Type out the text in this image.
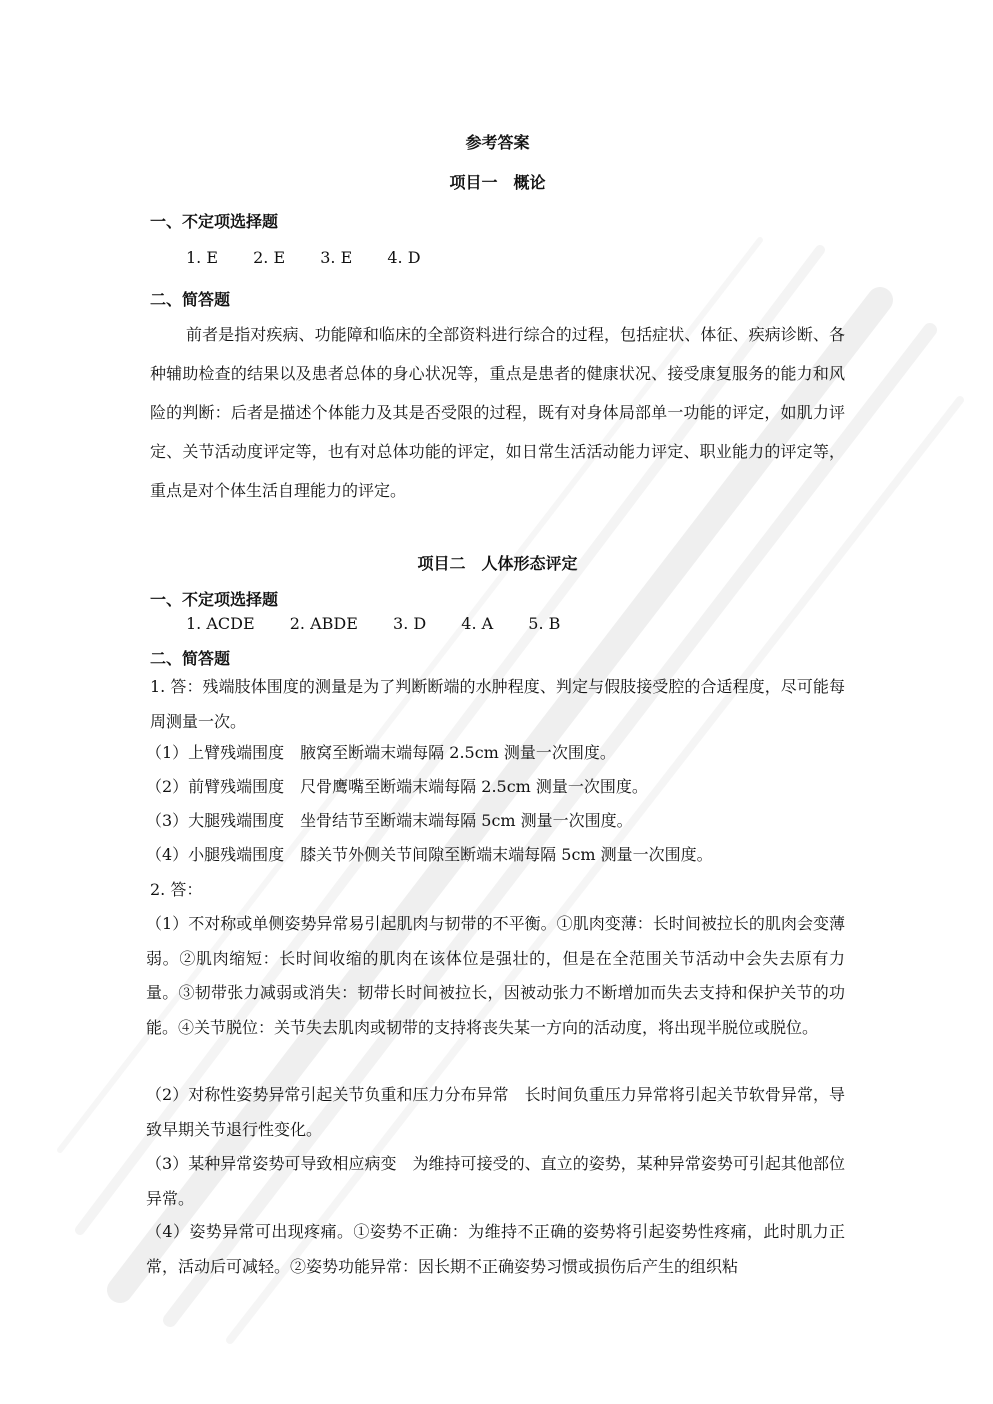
参考答案
项目一　概论
一、不定项选择题
1. E 2. E 3. E 4. D
二、简答题
前者是指对疾病、功能障和临床的全部资料进行综合的过程，包括症状、体征、疾病诊断、各种辅助检查的结果以及患者总体的身心状况等，重点是患者的健康状况、接受康复服务的能力和风险的判断：后者是描述个体能力及其是否受限的过程，既有对身体局部单一功能的评定，如肌力评定、关节活动度评定等，也有对总体功能的评定，如日常生活活动能力评定、职业能力的评定等，重点是对个体生活自理能力的评定。
项目二　人体形态评定
一、不定项选择题
1. ACDE 2. ABDE 3. D 4. A 5. B
二、简答题
1. 答：残端肢体围度的测量是为了判断断端的水肿程度、判定与假肢接受腔的合适程度，尽可能每周测量一次。
（1）上臂残端围度　腋窝至断端末端每隔 2.5cm 测量一次围度。
（2）前臂残端围度　尺骨鹰嘴至断端末端每隔 2.5cm 测量一次围度。
（3）大腿残端围度　坐骨结节至断端末端每隔 5cm 测量一次围度。
（4）小腿残端围度　膝关节外侧关节间隙至断端末端每隔 5cm 测量一次围度。
2. 答：
（1）不对称或单侧姿势异常易引起肌肉与韧带的不平衡。①肌肉变薄：长时间被拉长的肌肉会变薄弱。②肌肉缩短：长时间收缩的肌肉在该体位是强壮的，但是在全范围关节活动中会失去原有力量。③韧带张力减弱或消失：韧带长时间被拉长，因被动张力不断增加而失去支持和保护关节的功能。④关节脱位：关节失去肌肉或韧带的支持将丧失某一方向的活动度，将出现半脱位或脱位。
（2）对称性姿势异常引起关节负重和压力分布异常　长时间负重压力异常将引起关节软骨异常，导致早期关节退行性变化。
（3）某种异常姿势可导致相应病变　为维持可接受的、直立的姿势，某种异常姿势可引起其他部位异常。
（4）姿势异常可出现疼痛。①姿势不正确：为维持不正确的姿势将引起姿势性疼痛，此时肌力正常，活动后可减轻。②姿势功能异常：因长期不正确姿势习惯或损伤后产生的组织粘
